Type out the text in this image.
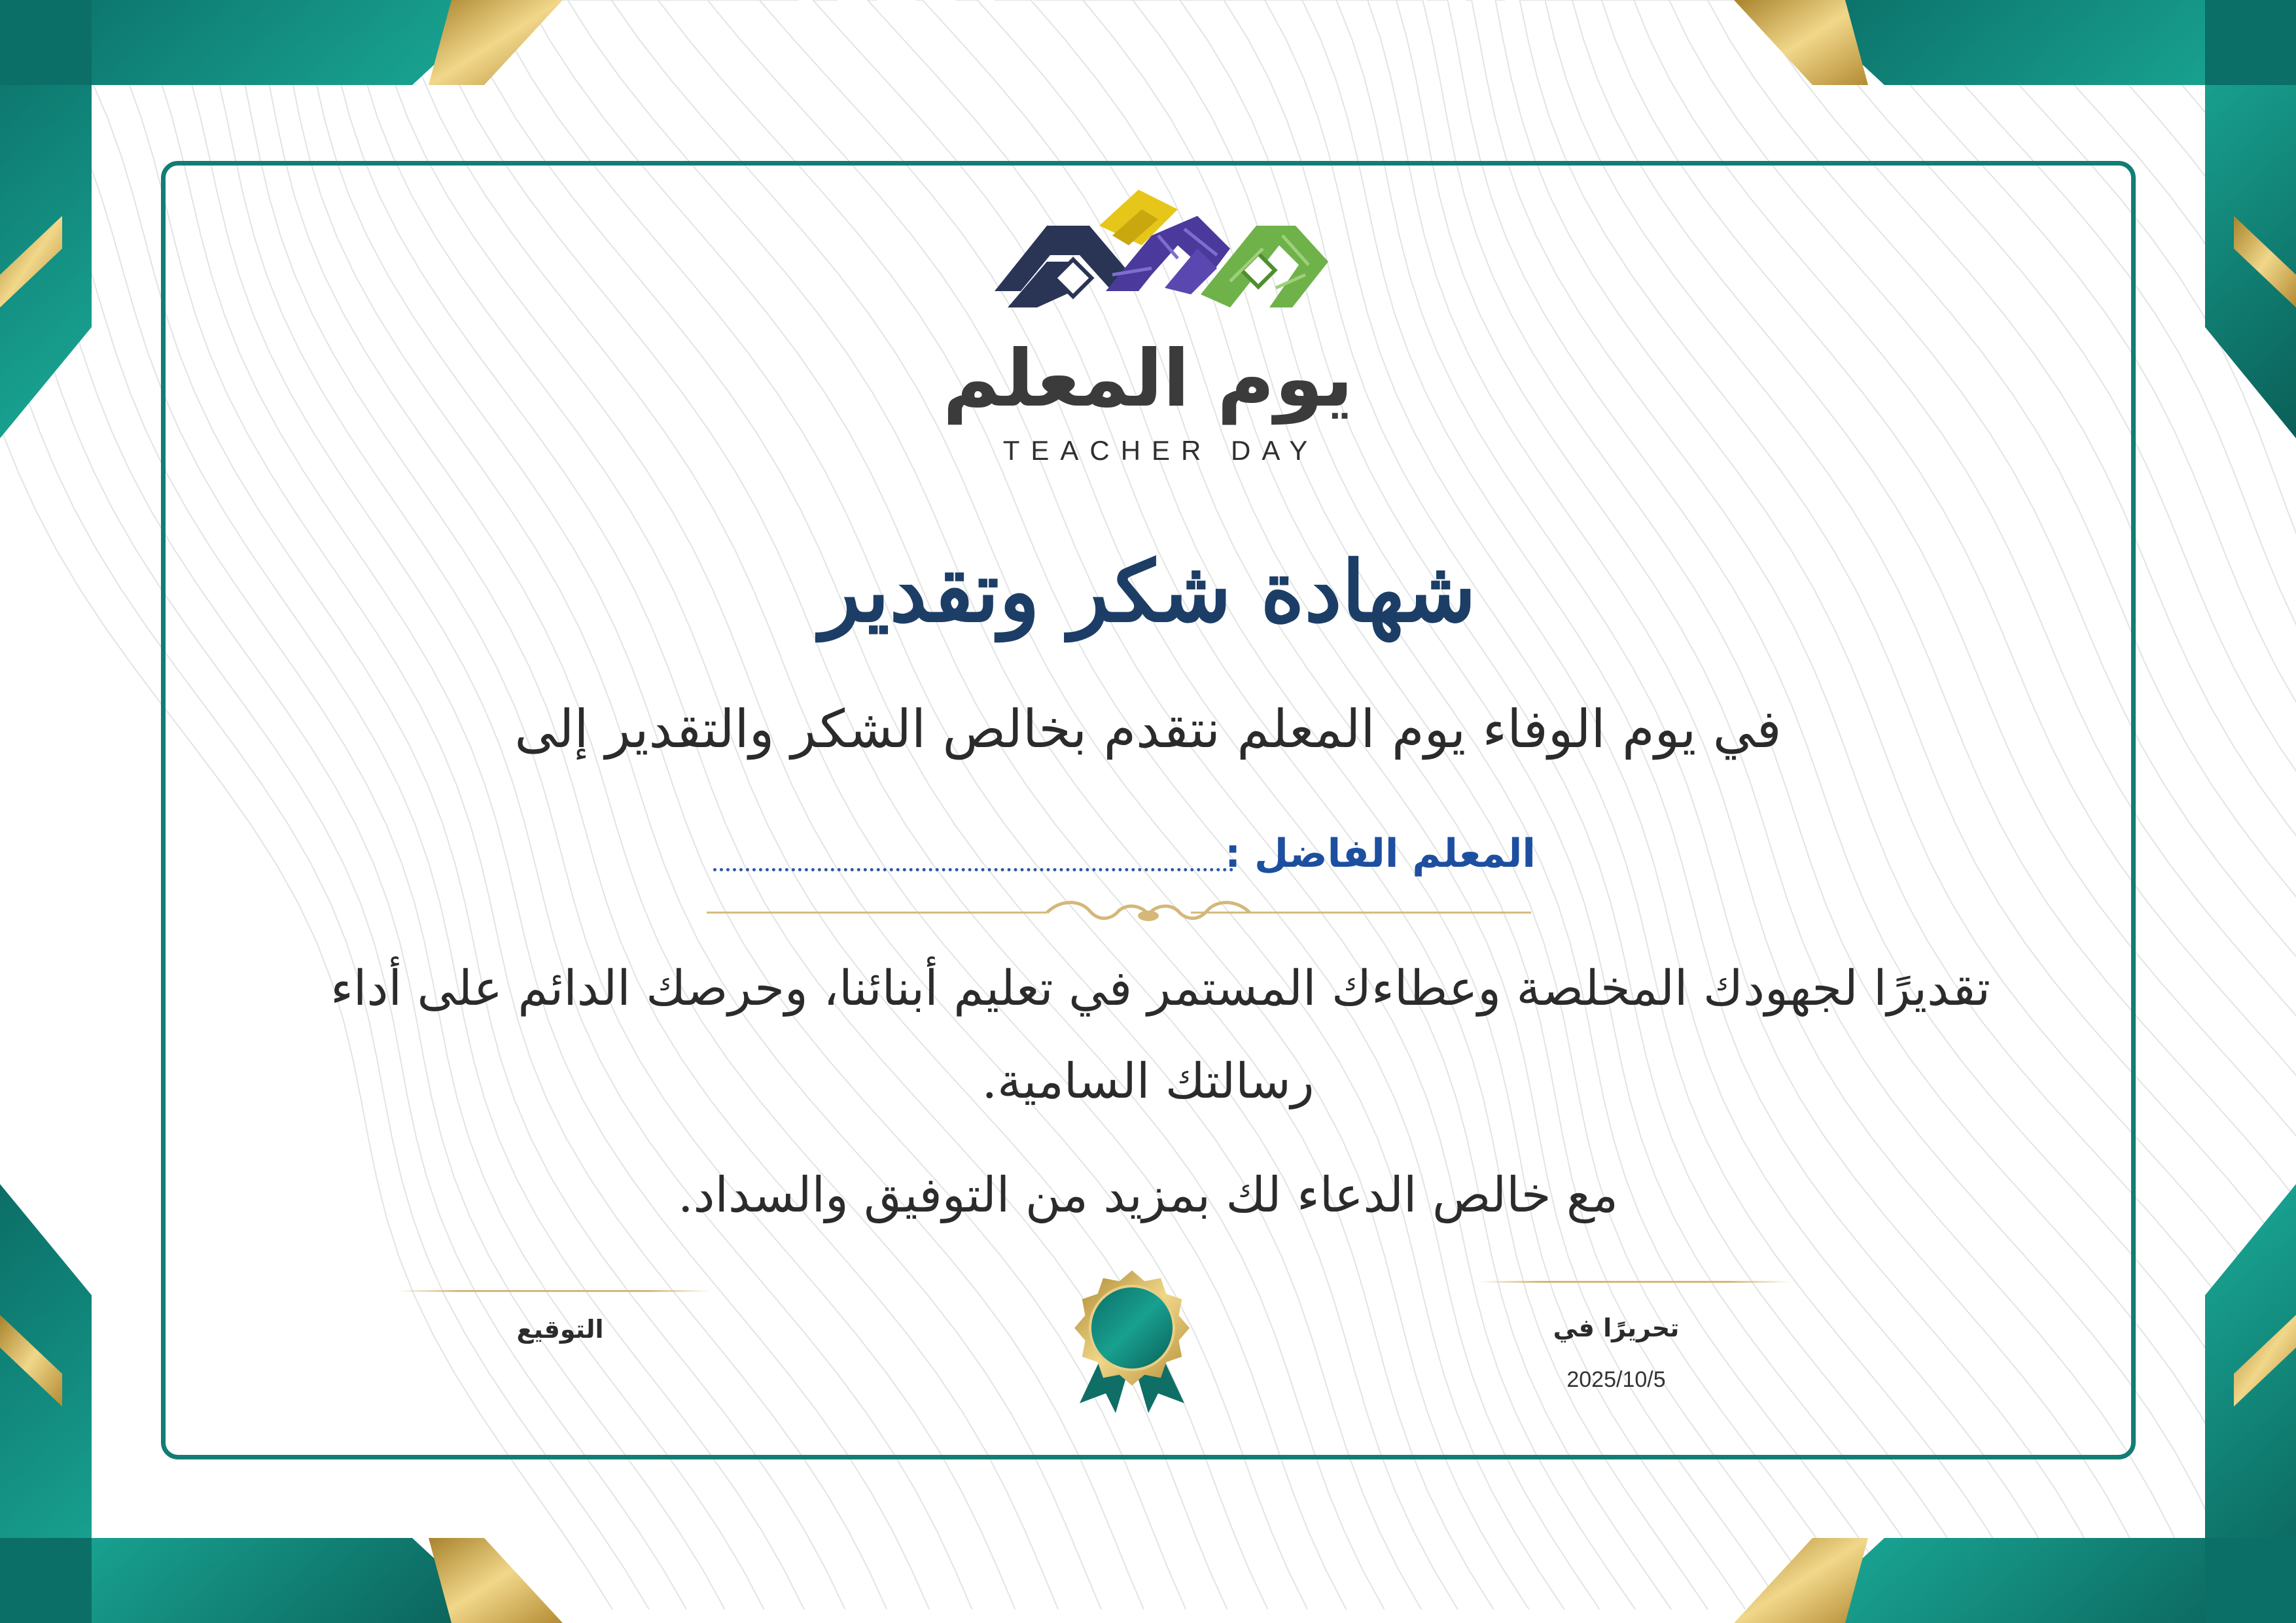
يوم المعلم
TEACHER DAY
شهادة شكر وتقدير
في يوم الوفاء يوم المعلم نتقدم بخالص الشكر والتقدير إلى
المعلم الفاضل :
تقديرًا لجهودك المخلصة وعطاءك المستمر في تعليم أبنائنا، وحرصك الدائم على أداء
رسالتك السامية.
مع خالص الدعاء لك بمزيد من التوفيق والسداد.
التوقيع	تحريرًا في
2025/10/5
